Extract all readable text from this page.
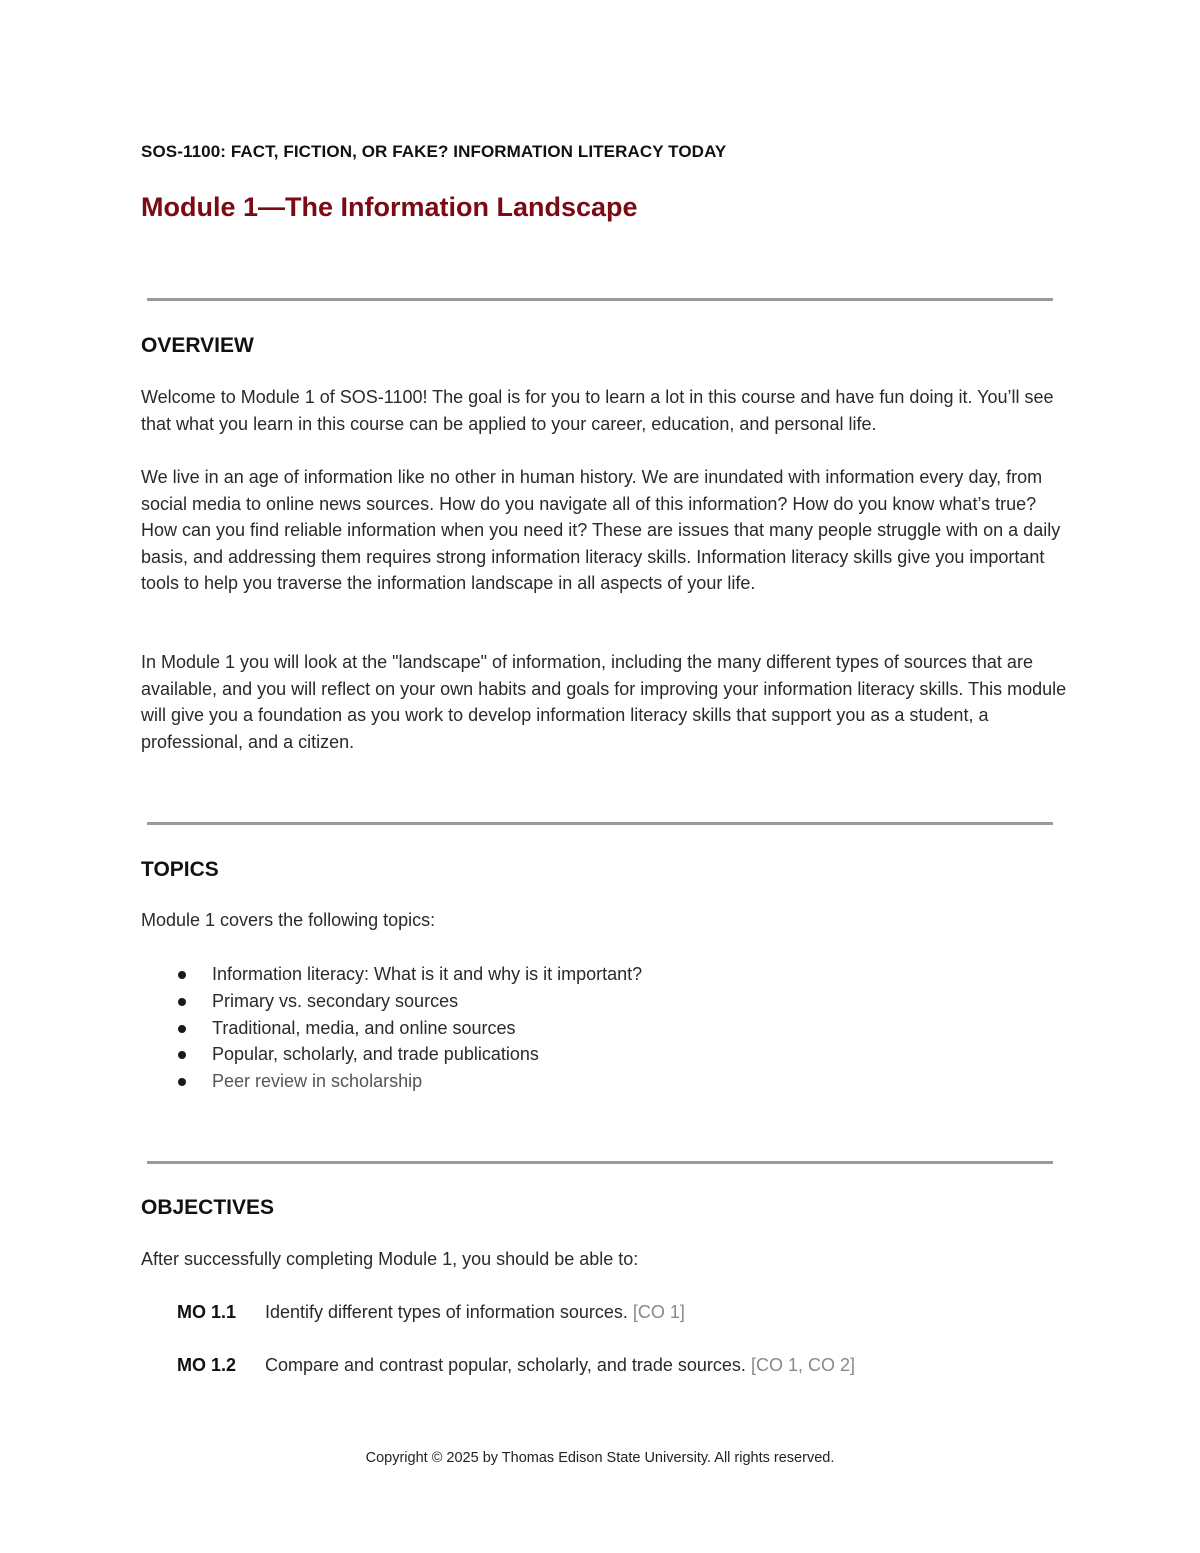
SOS-1100: FACT, FICTION, OR FAKE? INFORMATION LITERACY TODAY
Module 1—The Information Landscape
OVERVIEW

Welcome to Module 1 of SOS-1100! The goal is for you to learn a lot in this course and have fun doing it. You’ll see that what you learn in this course can be applied to your career, education, and personal life.

We live in an age of information like no other in human history. We are inundated with information every day, from social media to online news sources. How do you navigate all of this information? How do you know what’s true? How can you find reliable information when you need it? These are issues that many people struggle with on a daily basis, and addressing them requires strong information literacy skills. Information literacy skills give you important tools to help you traverse the information landscape in all aspects of your life.

In Module 1 you will look at the "landscape" of information, including the many different types of sources that are available, and you will reflect on your own habits and goals for improving your information literacy skills. This module will give you a foundation as you work to develop information literacy skills that support you as a student, a professional, and a citizen.

TOPICS

Module 1 covers the following topics:

Information literacy: What is it and why is it important?
Primary vs. secondary sources
Traditional, media, and online sources
Popular, scholarly, and trade publications
Peer review in scholarship
OBJECTIVES

After successfully completing Module 1, you should be able to:

MO 1.1 Identify different types of information sources. [CO 1]
MO 1.2 Compare and contrast popular, scholarly, and trade sources. [CO 1, CO 2]
Copyright © 2025 by Thomas Edison State University. All rights reserved.
